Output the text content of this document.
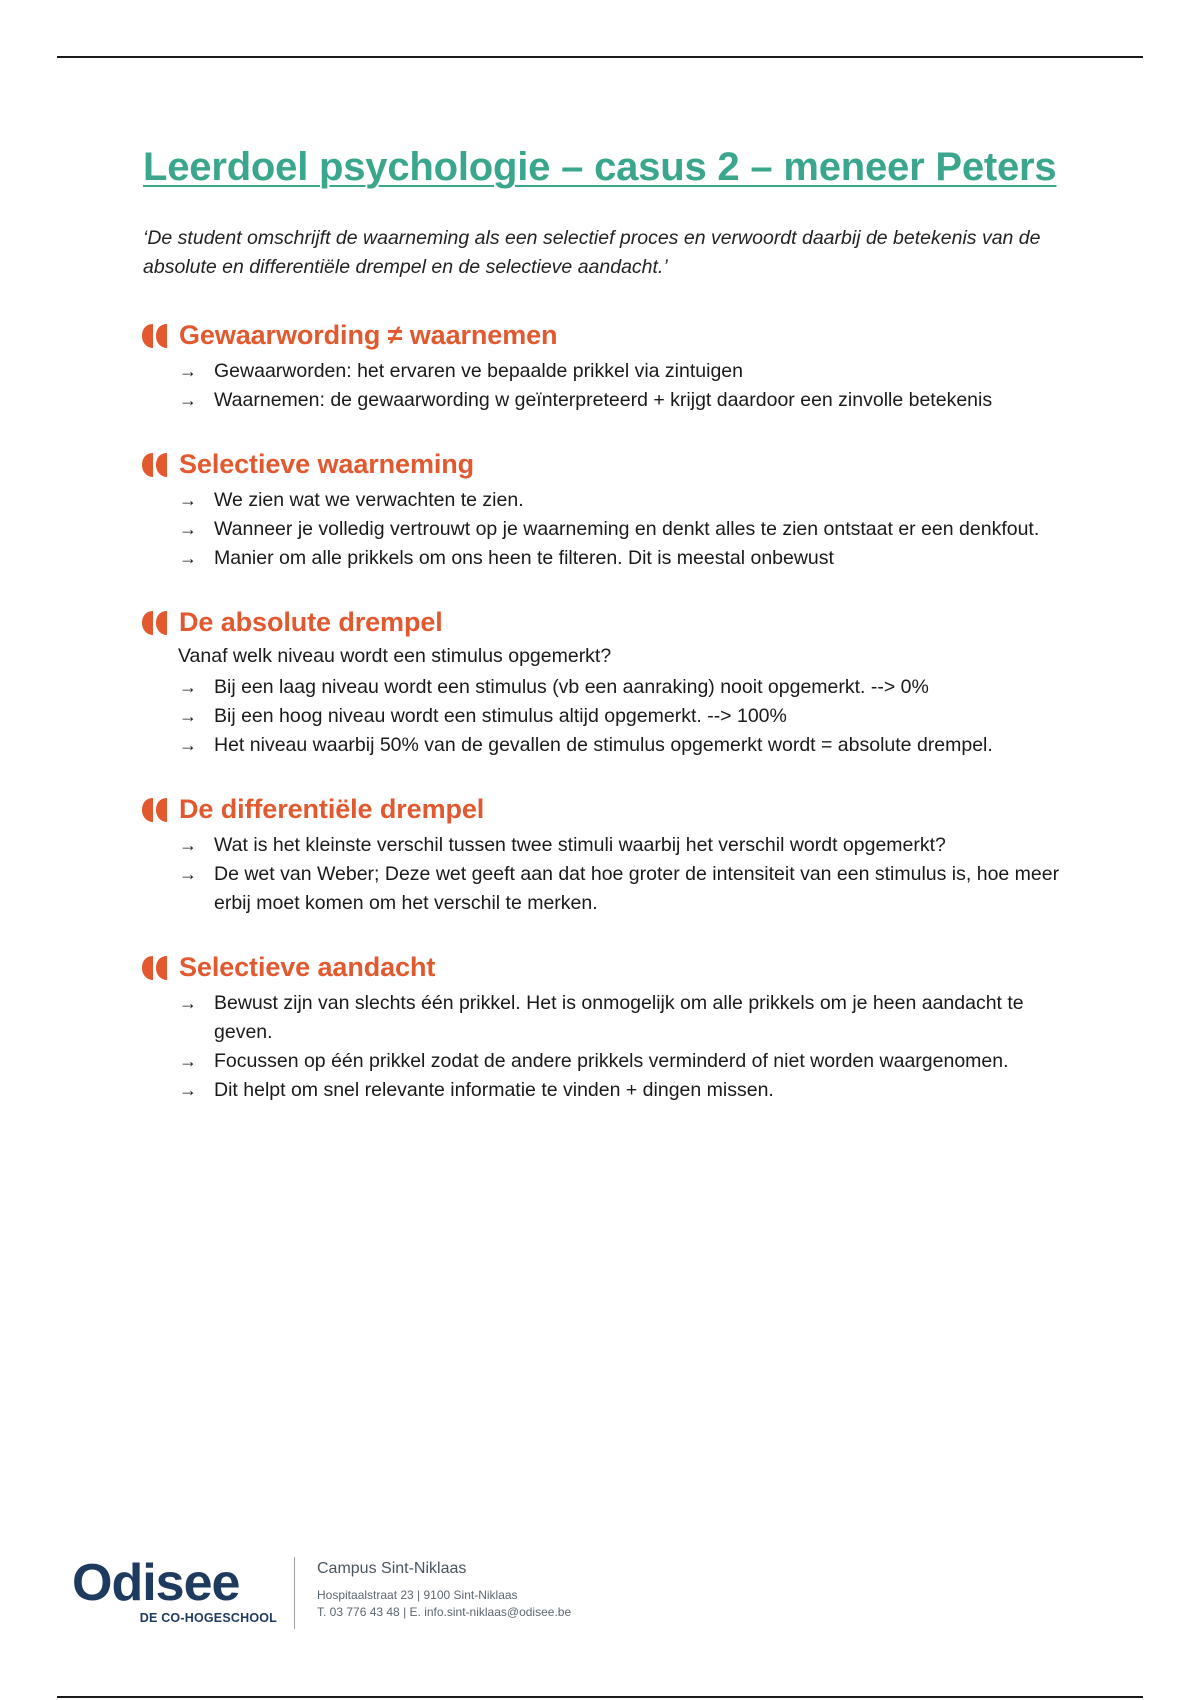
Leerdoel psychologie – casus 2 – meneer Peters

‘De student omschrijft de waarneming als een selectief proces en verwoordt daarbij de betekenis van de absolute en differentiële drempel en de selectieve aandacht.’

Gewaarwording ≠ waarnemen
→ Gewaarworden: het ervaren ve bepaalde prikkel via zintuigen
→ Waarnemen: de gewaarwording w geïnterpreteerd + krijgt daardoor een zinvolle betekenis
Selectieve waarneming
→ We zien wat we verwachten te zien.
→ Wanneer je volledig vertrouwt op je waarneming en denkt alles te zien ontstaat er een denkfout.
→ Manier om alle prikkels om ons heen te filteren. Dit is meestal onbewust
De absolute drempel
Vanaf welk niveau wordt een stimulus opgemerkt?
→ Bij een laag niveau wordt een stimulus (vb een aanraking) nooit opgemerkt. --> 0%
→ Bij een hoog niveau wordt een stimulus altijd opgemerkt. --> 100%
→ Het niveau waarbij 50% van de gevallen de stimulus opgemerkt wordt = absolute drempel.
De differentiële drempel
→ Wat is het kleinste verschil tussen twee stimuli waarbij het verschil wordt opgemerkt?
→ De wet van Weber; Deze wet geeft aan dat hoe groter de intensiteit van een stimulus is, hoe meer erbij moet komen om het verschil te merken.
Selectieve aandacht
→ Bewust zijn van slechts één prikkel. Het is onmogelijk om alle prikkels om je heen aandacht te geven.
→ Focussen op één prikkel zodat de andere prikkels verminderd of niet worden waargenomen.
→ Dit helpt om snel relevante informatie te vinden + dingen missen.
Odisee
DE CO-HOGESCHOOL
Campus Sint-Niklaas
Hospitaalstraat 23 | 9100 Sint-Niklaas
T. 03 776 43 48 | E. info.sint-niklaas@odisee.be
